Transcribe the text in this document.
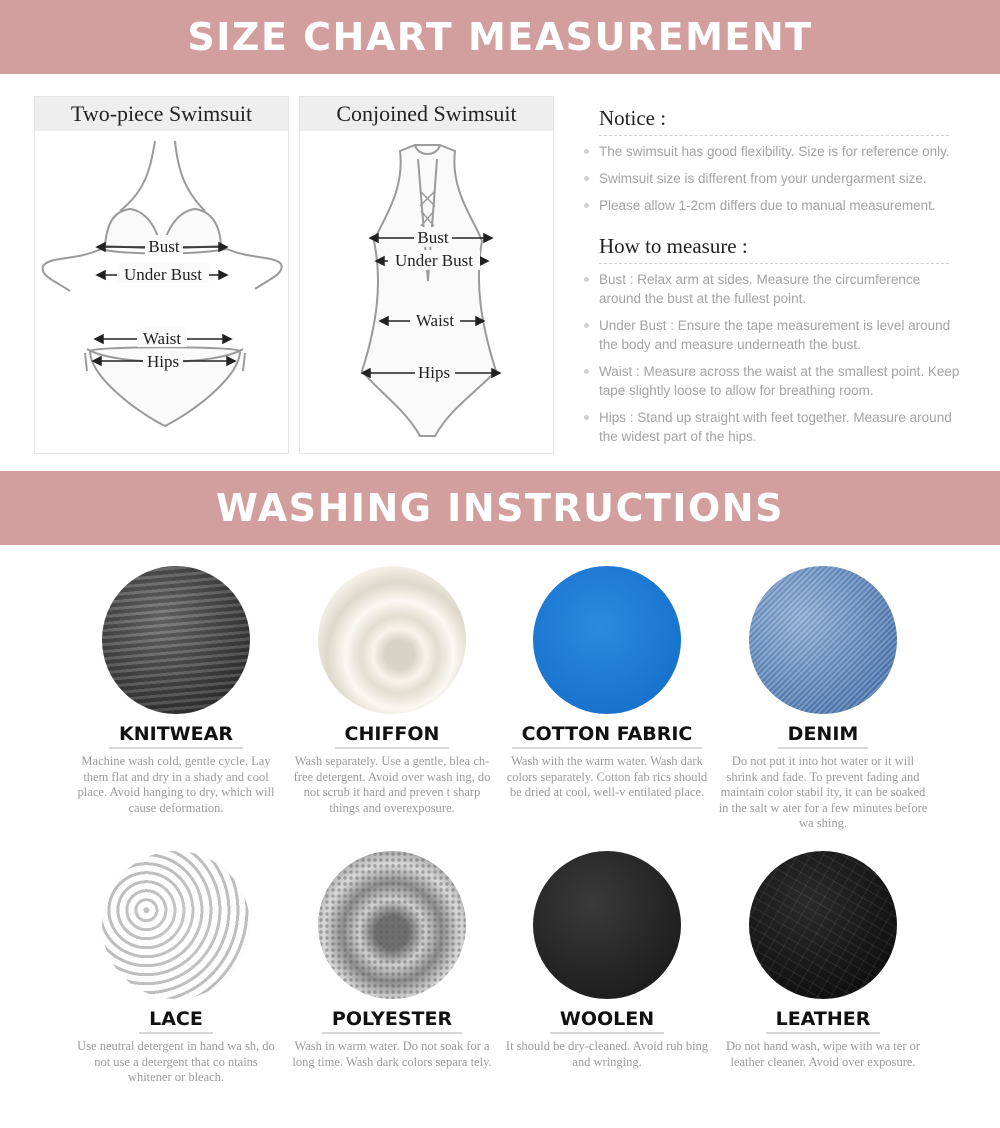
SIZE CHART MEASUREMENT
Two-piece Swimsuit
Bust
Under Bust
Waist
Hips
Conjoined Swimsuit
Bust
Under Bust
Waist
Hips
Notice :
The swimsuit has good flexibility. Size is for reference only.
Swimsuit size is different from your undergarment size.
Please allow 1-2cm differs due to manual measurement.
How to measure :
Bust : Relax arm at sides. Measure the circumference around the bust at the fullest point.
Under Bust : Ensure the tape measurement is level around the body and measure underneath the bust.
Waist : Measure across the waist at the smallest point. Keep tape slightly loose to allow for breathing room.
Hips : Stand up straight with feet together. Measure around the widest part of the hips.
WASHING INSTRUCTIONS
KNITWEAR
Machine wash cold, gentle cycle. Lay them flat and dry in a shady and cool place. Avoid hanging to dry, which will cause deformation.
CHIFFON
Wash separately. Use a gentle, blea ch-free detergent. Avoid over wash ing, do not scrub it hard and preven t sharp things and overexposure.
COTTON FABRIC
Wash with the warm water. Wash dark colors separately. Cotton fab rics should be dried at cool, well-v entilated place.
DENIM
Do not put it into hot water or it will shrink and fade. To prevent fading and maintain color stabil ity, it can be soaked in the salt w ater for a few minutes before wa shing.
LACE
Use neutral detergent in hand wa sh, do not use a detergent that co ntains whitener or bleach.
POLYESTER
Wash in warm water. Do not soak for a long time. Wash dark colors separa tely.
WOOLEN
It should be dry-cleaned. Avoid rub bing and wringing.
LEATHER
Do not hand wash, wipe with wa ter or leather cleaner. Avoid over exposure.
